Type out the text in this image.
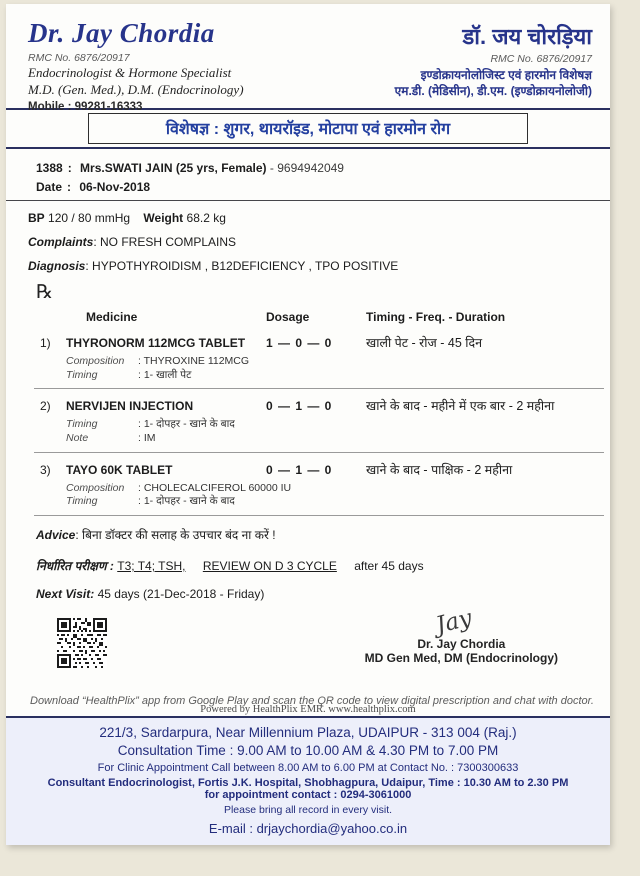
Dr. Jay Chordia
RMC No. 6876/20917
Endocrinologist & Hormone Specialist
M.D. (Gen. Med.), D.M. (Endocrinology)
Mobile : 99281-16333
डॉ. जय चोरड़िया
RMC No. 6876/20917
इण्डोक्रायनोलोजिस्ट एवं हारमोन विशेषज्ञ
एम.डी. (मेडिसीन), डी.एम. (इण्डोक्रायनोलोजी)
विशेषज्ञ : शुगर, थायरॉइड, मोटापा एवं हारमोन रोग
1388 : Mrs.SWATI JAIN (25 yrs, Female) - 9694942049
Date : 06-Nov-2018
BP 120 / 80 mmHg Weight 68.2 kg
Complaints: NO FRESH COMPLAINS
Diagnosis: HYPOTHYROIDISM , B12DEFICIENCY , TPO POSITIVE
℞
Medicine	Dosage	Timing - Freq. - Duration
1)	THYRONORM 112MCG TABLET	1 — 0 — 0	खाली पेट - रोज - 45 दिन
Composition	: THYROXINE 112MCG
Timing	: 1- खाली पेट
2)	NERVIJEN INJECTION	0 — 1 — 0	खाने के बाद - महीने में एक बार - 2 महीना
Timing	: 1- दोपहर - खाने के बाद
Note	: IM
3)	TAYO 60K TABLET	0 — 1 — 0	खाने के बाद - पाक्षिक - 2 महीना
Composition	: CHOLECALCIFEROL 60000 IU
Timing	: 1- दोपहर - खाने के बाद
Advice: बिना डॉक्टर की सलाह के उपचार बंद ना करें !
निर्धारित परीक्षण : T3; T4; TSH, REVIEW ON D 3 CYCLE after 45 days
Next Visit: 45 days (21-Dec-2018 - Friday)
Jay
Dr. Jay Chordia
MD Gen Med, DM (Endocrinology)
Download “HealthPlix” app from Google Play and scan the QR code to view digital prescription and chat with doctor.
Powered by HealthPlix EMR. www.healthplix.com
221/3, Sardarpura, Near Millennium Plaza, UDAIPUR - 313 004 (Raj.)
Consultation Time : 9.00 AM to 10.00 AM & 4.30 PM to 7.00 PM
For Clinic Appointment Call between 8.00 AM to 6.00 PM at Contact No. : 7300300633
Consultant Endocrinologist, Fortis J.K. Hospital, Shobhagpura, Udaipur, Time : 10.30 AM to 2.30 PM
for appointment contact : 0294-3061000
Please bring all record in every visit.
E-mail : drjaychordia@yahoo.co.in
